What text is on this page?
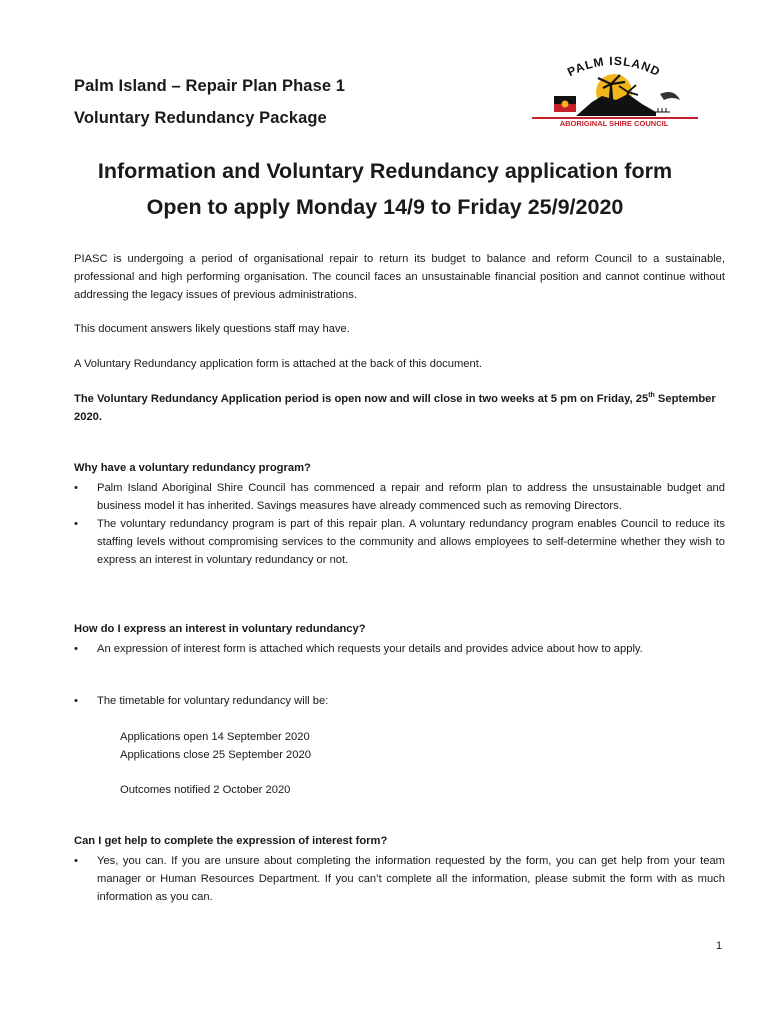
Palm Island – Repair Plan Phase 1
Voluntary Redundancy Package
PALM ISLAND
ABORIGINAL SHIRE COUNCIL
Information and Voluntary Redundancy application form
Open to apply Monday 14/9 to Friday 25/9/2020

PIASC is undergoing a period of organisational repair to return its budget to balance and reform Council to a sustainable, professional and high performing organisation. The council faces an unsustainable financial position and cannot continue without addressing the legacy issues of previous administrations.

This document answers likely questions staff may have.

A Voluntary Redundancy application form is attached at the back of this document.

The Voluntary Redundancy Application period is open now and will close in two weeks at 5 pm on Friday, 25th September 2020.

Why have a voluntary redundancy program?
• Palm Island Aboriginal Shire Council has commenced a repair and reform plan to address the unsustainable budget and business model it has inherited. Savings measures have already commenced such as removing Directors.
• The voluntary redundancy program is part of this repair plan. A voluntary redundancy program enables Council to reduce its staffing levels without compromising services to the community and allows employees to self-determine whether they wish to express an interest in voluntary redundancy or not.
How do I express an interest in voluntary redundancy?
• An expression of interest form is attached which requests your details and provides advice about how to apply.
• The timetable for voluntary redundancy will be:
Applications open 14 September 2020
Applications close 25 September 2020
Outcomes notified 2 October 2020
Can I get help to complete the expression of interest form?
• Yes, you can. If you are unsure about completing the information requested by the form, you can get help from your team manager or Human Resources Department. If you can’t complete all the information, please submit the form with as much information as you can.
1
